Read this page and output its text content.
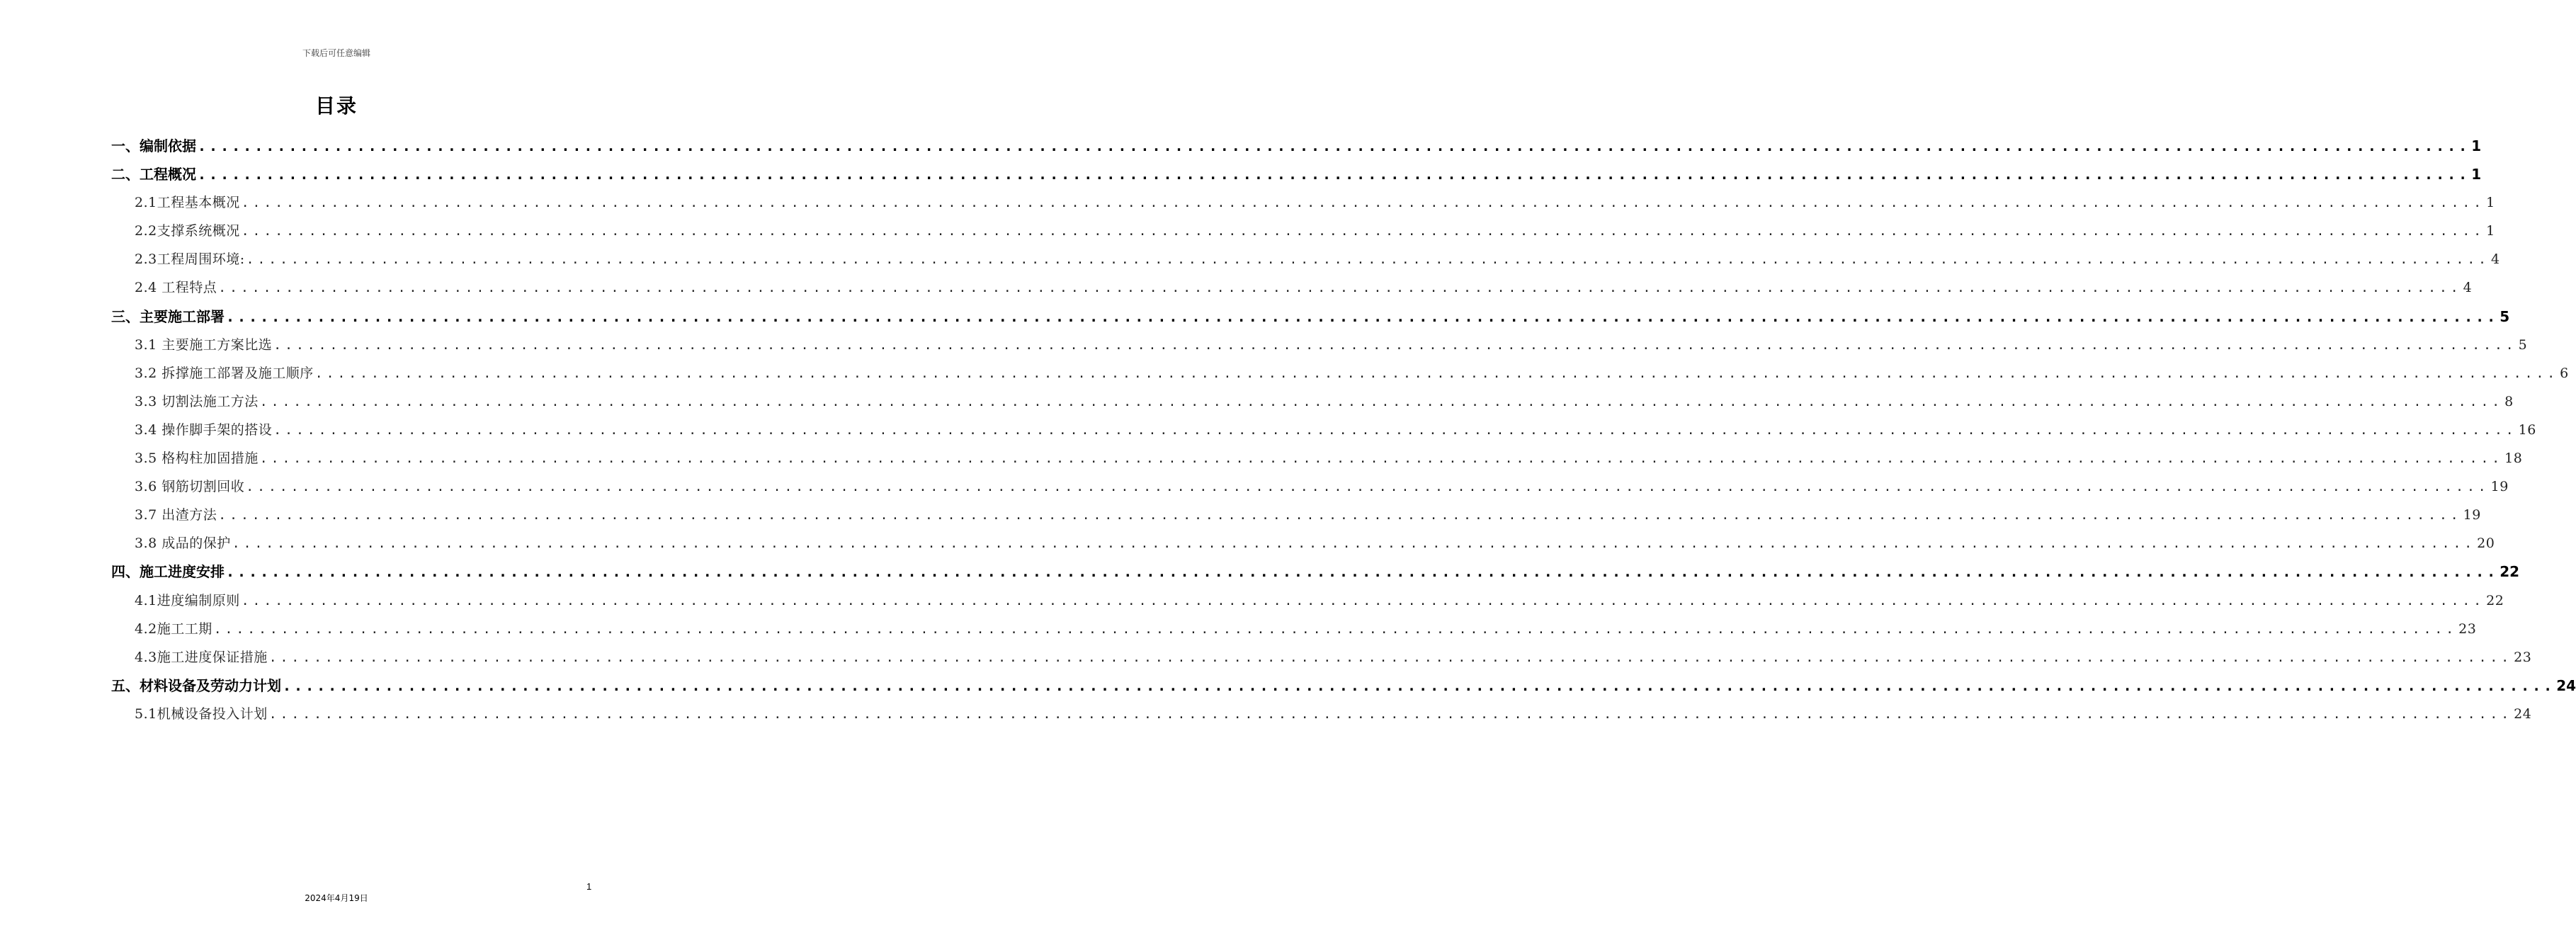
下载后可任意编辑
目录
一、编制依据 ........................................................................................................................................................................................................ 1
二、工程概况 ........................................................................................................................................................................................................ 1
2.1工程基本概况 ........................................................................................................................................................................................................ 1
2.2支撑系统概况 ........................................................................................................................................................................................................ 1
2.3工程周围环境: ........................................................................................................................................................................................................ 4
2.4 工程特点 ........................................................................................................................................................................................................ 4
三、主要施工部署 ........................................................................................................................................................................................................ 5
3.1 主要施工方案比选 ........................................................................................................................................................................................................ 5
3.2 拆撑施工部署及施工顺序 ........................................................................................................................................................................................................ 6
3.3 切割法施工方法 ........................................................................................................................................................................................................ 8
3.4 操作脚手架的搭设 ........................................................................................................................................................................................................ 16
3.5 格构柱加固措施 ........................................................................................................................................................................................................ 18
3.6 钢筋切割回收 ........................................................................................................................................................................................................ 19
3.7 出渣方法 ........................................................................................................................................................................................................ 19
3.8 成品的保护 ........................................................................................................................................................................................................ 20
四、施工进度安排 ........................................................................................................................................................................................................ 22
4.1进度编制原则 ........................................................................................................................................................................................................ 22
4.2施工工期 ........................................................................................................................................................................................................ 23
4.3施工进度保证措施 ........................................................................................................................................................................................................ 23
五、材料设备及劳动力计划 ........................................................................................................................................................................................................ 24
5.1机械设备投入计划 ........................................................................................................................................................................................................ 24
1
2024年4月19日
